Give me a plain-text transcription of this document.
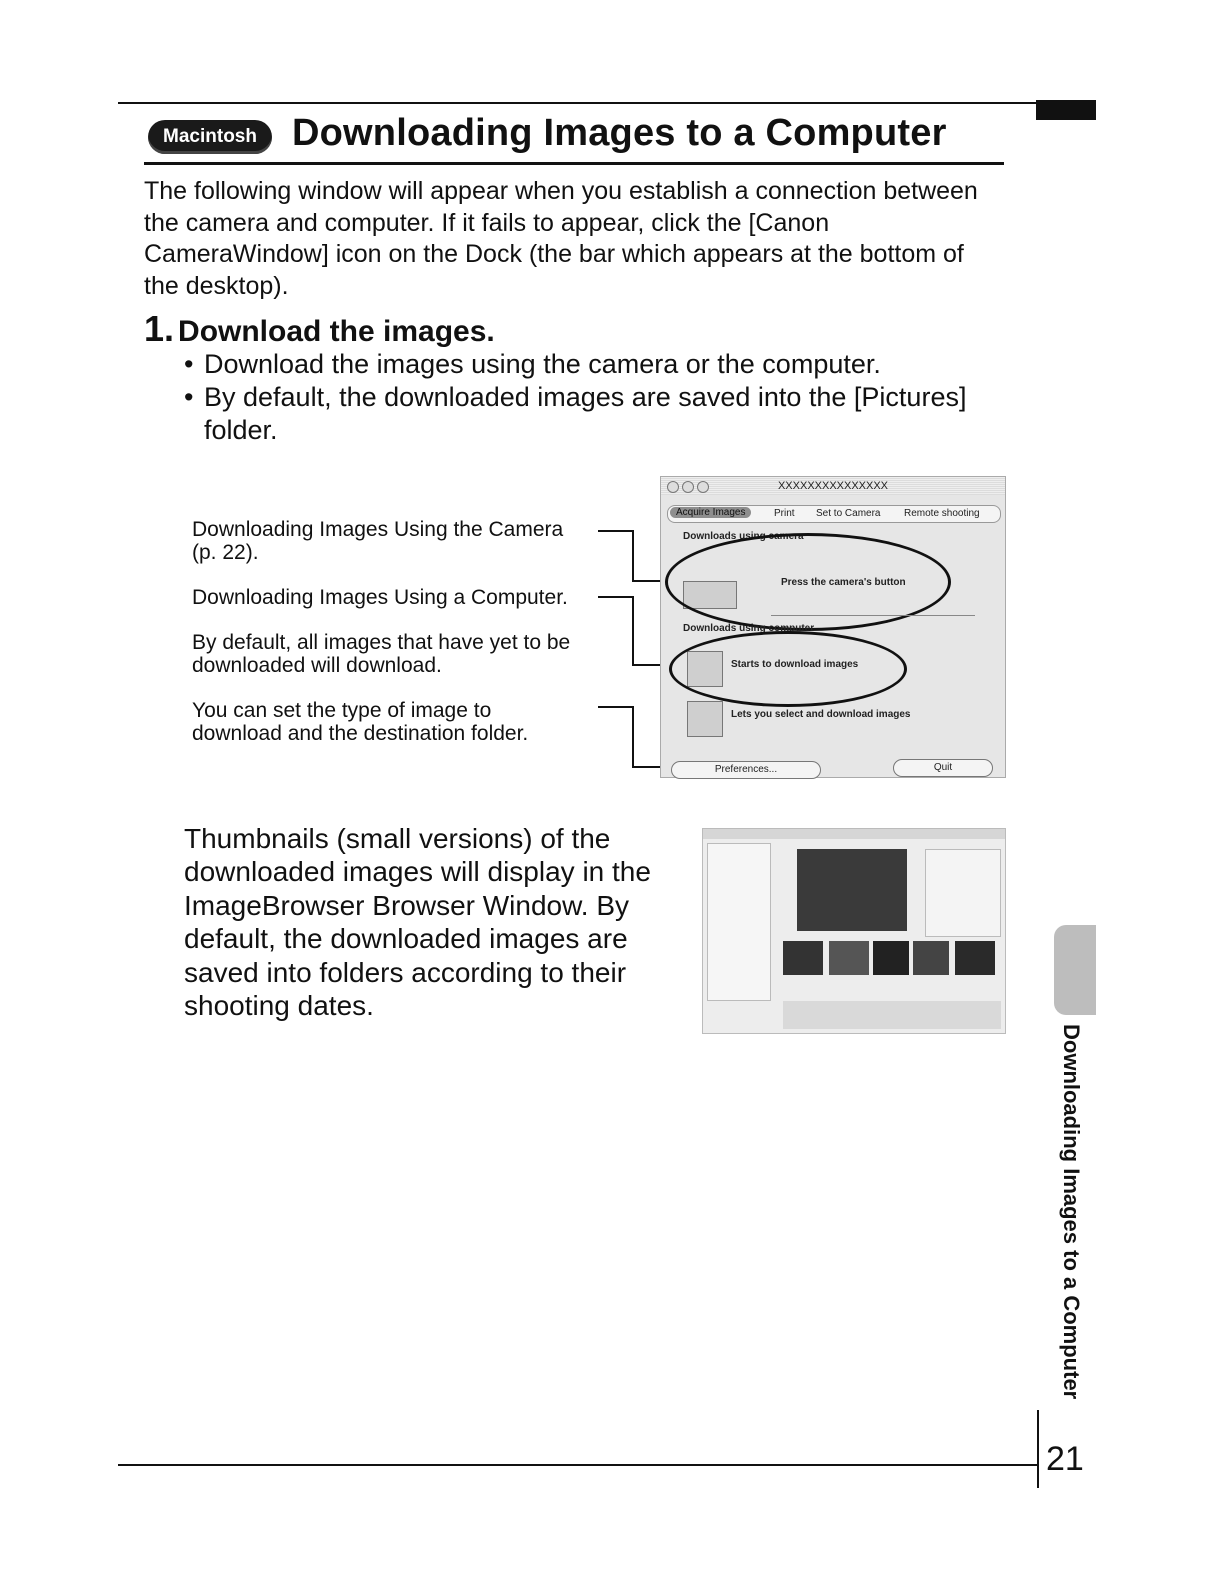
Macintosh Downloading Images to a Computer
The following window will appear when you establish a connection between the camera and computer. If it fails to appear, click the [Canon CameraWindow] icon on the Dock (the bar which appears at the bottom of the desktop).
1. Download the images.
• Download the images using the camera or the computer.
• By default, the downloaded images are saved into the [Pictures] folder.
Downloading Images Using the Camera (p. 22).
Downloading Images Using a Computer.
By default, all images that have yet to be downloaded will download.
You can set the type of image to download and the destination folder.
XXXXXXXXXXXXXXX
Acquire Images	Print Set to Camera Remote shooting
Downloads using camera
Press the camera's button
Downloads using computer
Starts to download images
Lets you select and download images
Preferences...	Quit
Thumbnails (small versions) of the downloaded images will display in the ImageBrowser Browser Window. By default, the downloaded images are saved into folders according to their shooting dates.
Downloading Images to a Computer
21
